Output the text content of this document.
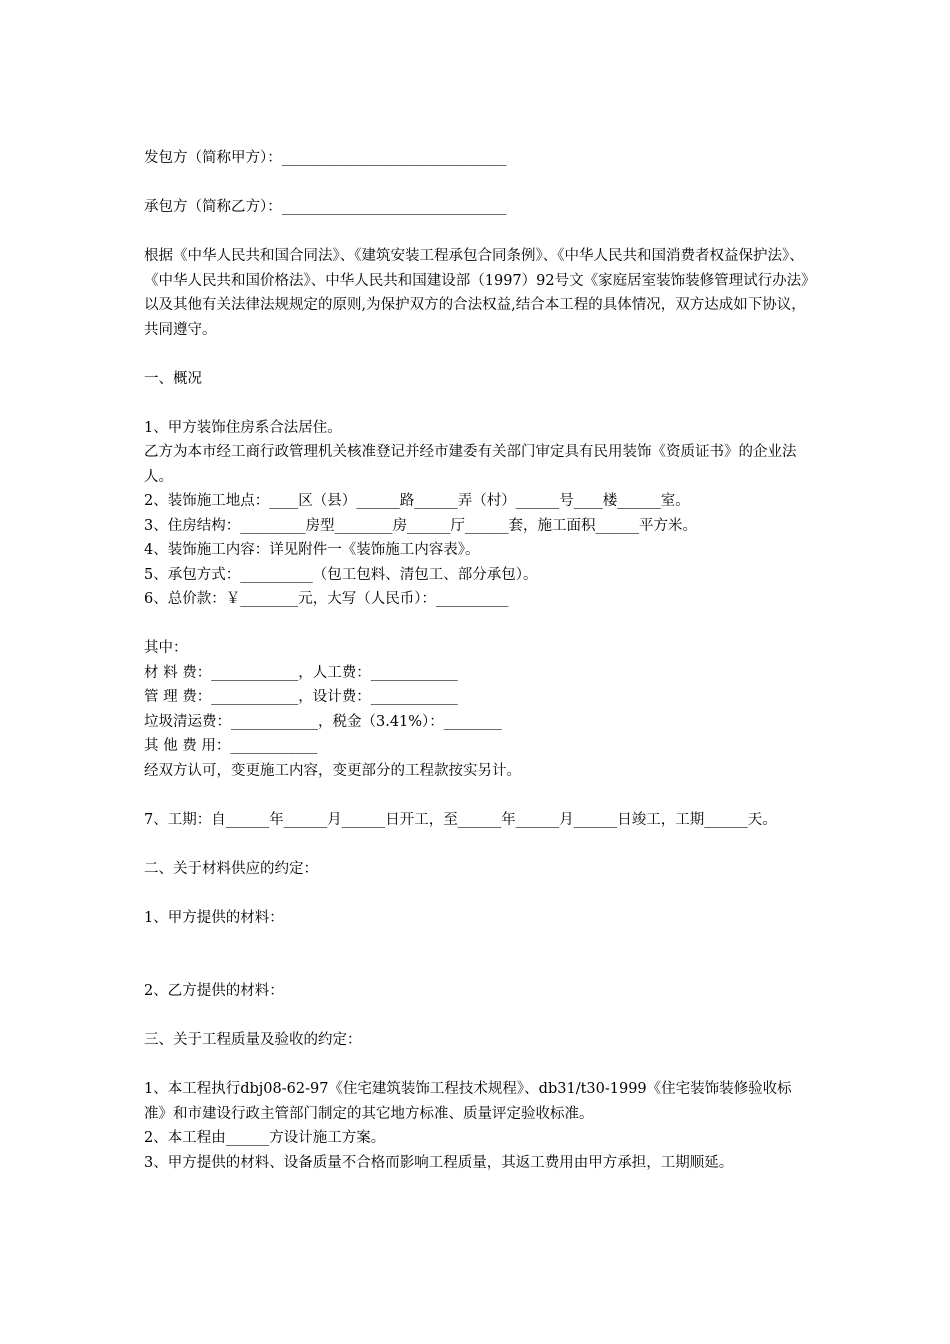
发包方（简称甲方）：_______________________________
承包方（简称乙方）：_______________________________
根据《中华人民共和国合同法》、《建筑安装工程承包合同条例》、《中华人民共和国消费者权益保护法》、《中华人民共和国价格法》、中华人民共和国建设部（1997）92号文《家庭居室装饰装修管理试行办法》以及其他有关法律法规规定的原则,为保护双方的合法权益,结合本工程的具体情况，双方达成如下协议，共同遵守。
一、概况
1、甲方装饰住房系合法居住。
乙方为本市经工商行政管理机关核准登记并经市建委有关部门审定具有民用装饰《资质证书》的企业法人。
2、装饰施工地点：____区（县）______路______弄（村）______号____楼______室。
3、住房结构：_________房型________房______厅______套，施工面积______平方米。
4、装饰施工内容：详见附件一《装饰施工内容表》。
5、承包方式：__________（包工包料、清包工、部分承包）。
6、总价款：￥________元，大写（人民币）：__________
其中：
材 料 费：____________，人工费：____________
管 理 费：____________，设计费：____________
垃圾清运费：____________，税金（3.41%）：________
其 他 费 用：____________
经双方认可，变更施工内容，变更部分的工程款按实另计。
7、工期：自______年______月______日开工，至______年______月______日竣工，工期______天。
二、关于材料供应的约定：
1、甲方提供的材料：
2、乙方提供的材料：
三、关于工程质量及验收的约定：
1、本工程执行dbj08-62-97《住宅建筑装饰工程技术规程》、db31/t30-1999《住宅装饰装修验收标准》和市建设行政主管部门制定的其它地方标准、质量评定验收标准。
2、本工程由______方设计施工方案。
3、甲方提供的材料、设备质量不合格而影响工程质量，其返工费用由甲方承担，工期顺延。
